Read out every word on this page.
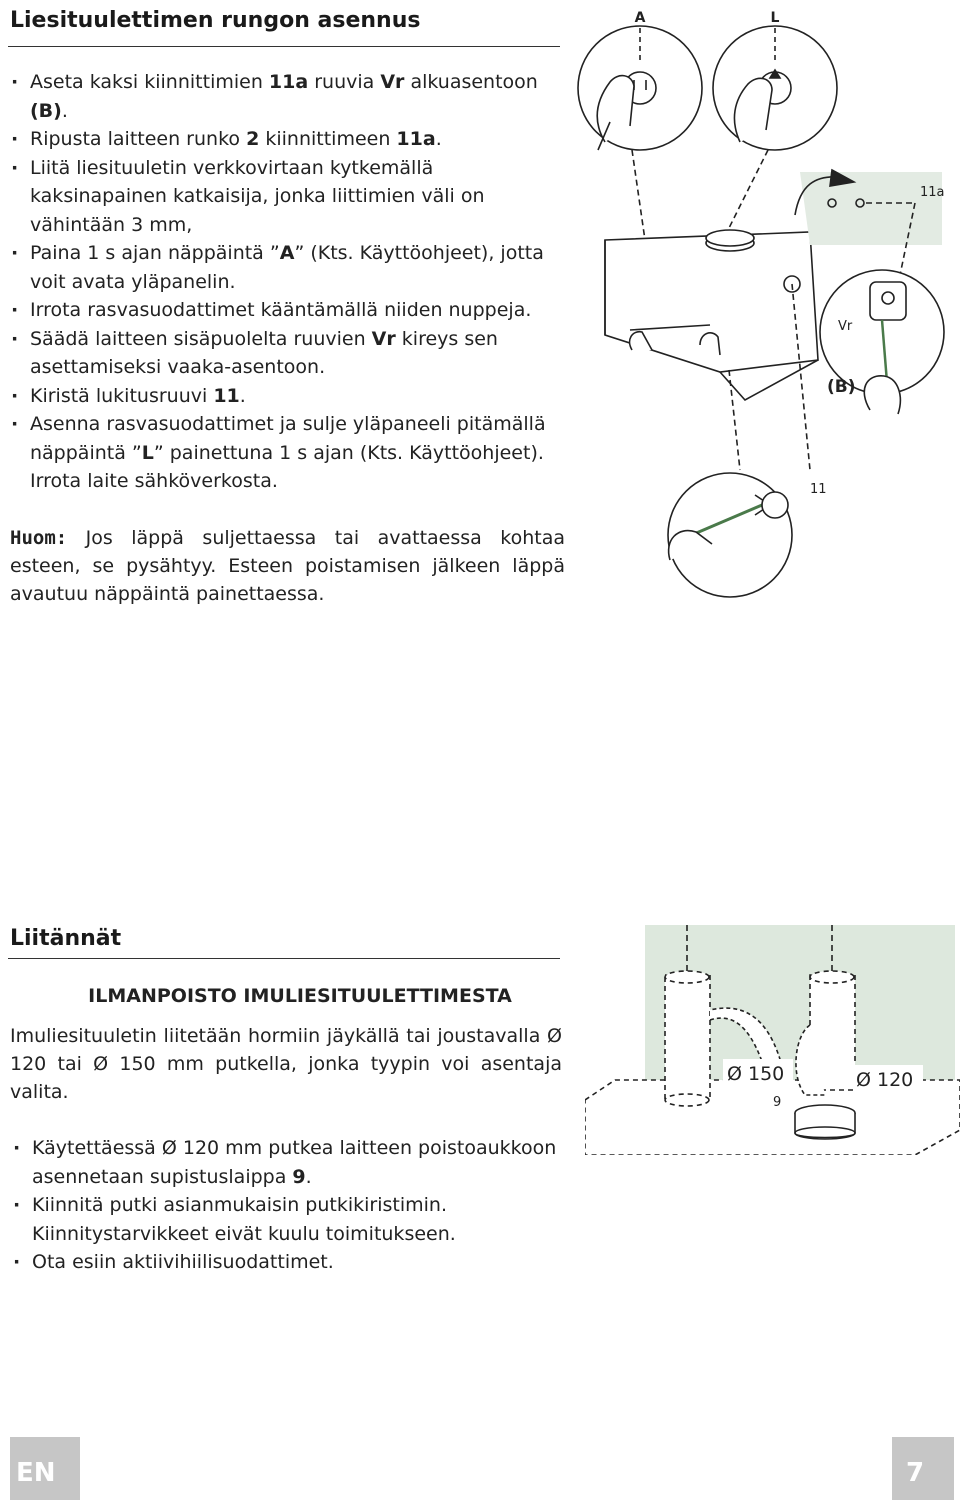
Liesituulettimen rungon asennus
· Aseta kaksi kiinnittimien 11a ruuvia Vr alkuasentoon (B).
· Ripusta laitteen runko 2 kiinnittimeen 11a.
· Liitä liesituuletin verkkovirtaan kytkemällä kaksinapainen katkaisija, jonka liittimien väli on vähintään 3 mm,
· Paina 1 s ajan näppäintä ”A” (Kts. Käyttöohjeet), jotta voit avata yläpanelin.
· Irrota rasvasuodattimet kääntämällä niiden nuppeja.
· Säädä laitteen sisäpuolelta ruuvien Vr kireys sen asettamiseksi vaaka-asentoon.
· Kiristä lukitusruuvi 11.
· Asenna rasvasuodattimet ja sulje yläpaneeli pitämällä näppäintä ”L” painettuna 1 s ajan (Kts. Käyttöohjeet). Irrota laite sähköverkosta.
Huom: Jos läppä suljettaessa tai avattaessa kohtaa esteen, se pysähtyy. Esteen poistamisen jälkeen läppä avautuu näppäintä painettaessa.
A	L
11a
Vr
(B)
11
Liitännät
ILMANPOISTO IMULIESITUULETTIMESTA
Imuliesituuletin liitetään hormiin jäykällä tai joustavalla Ø 120 tai Ø 150 mm putkella, jonka tyypin voi asentaja valita.
· Käytettäessä Ø 120 mm putkea laitteen poistoaukkoon asennetaan supistuslaippa 9.
· Kiinnitä putki asianmukaisin putkikiristimin. Kiinnitystarvikkeet eivät kuulu toimitukseen.
· Ota esiin aktiivihiilisuodattimet.
Ø 150	Ø 120
9
EN	7
